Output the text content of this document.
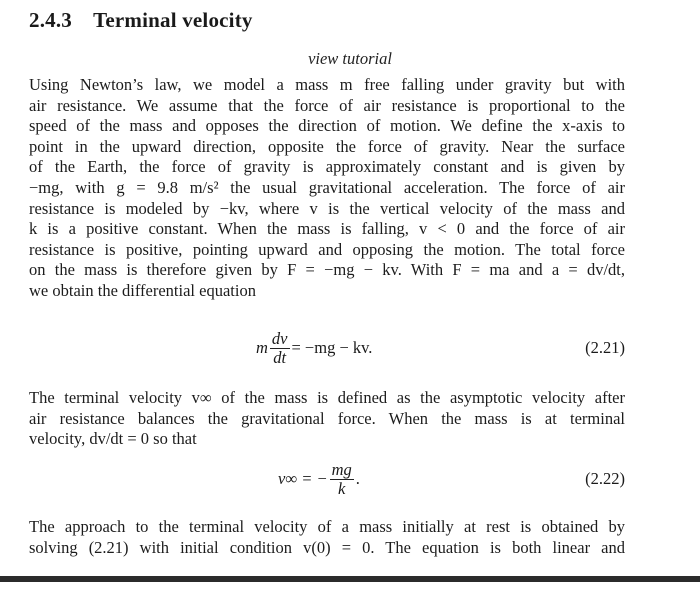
2.4.3 Terminal velocity
view tutorial
Using Newton’s law, we model a mass m free falling under gravity but with
air resistance. We assume that the force of air resistance is proportional to the
speed of the mass and opposes the direction of motion. We define the x-axis to
point in the upward direction, opposite the force of gravity. Near the surface
of the Earth, the force of gravity is approximately constant and is given by
−mg, with g = 9.8 m/s² the usual gravitational acceleration. The force of air
resistance is modeled by −kv, where v is the vertical velocity of the mass and
k is a positive constant. When the mass is falling, v < 0 and the force of air
resistance is positive, pointing upward and opposing the motion. The total force
on the mass is therefore given by F = −mg − kv. With F = ma and a = dv/dt,
we obtain the differential equation
m $\frac{dv}{dt} = -mg$ − kv.	(2.21)
The terminal velocity v∞ of the mass is defined as the asymptotic velocity after
air resistance balances the gravitational force. When the mass is at terminal
velocity, dv/dt = 0 so that
v∞ = − $\frac{mg}{k}$ .	(2.22)
The approach to the terminal velocity of a mass initially at rest is obtained by
solving (2.21) with initial condition v(0) = 0. The equation is both linear and
